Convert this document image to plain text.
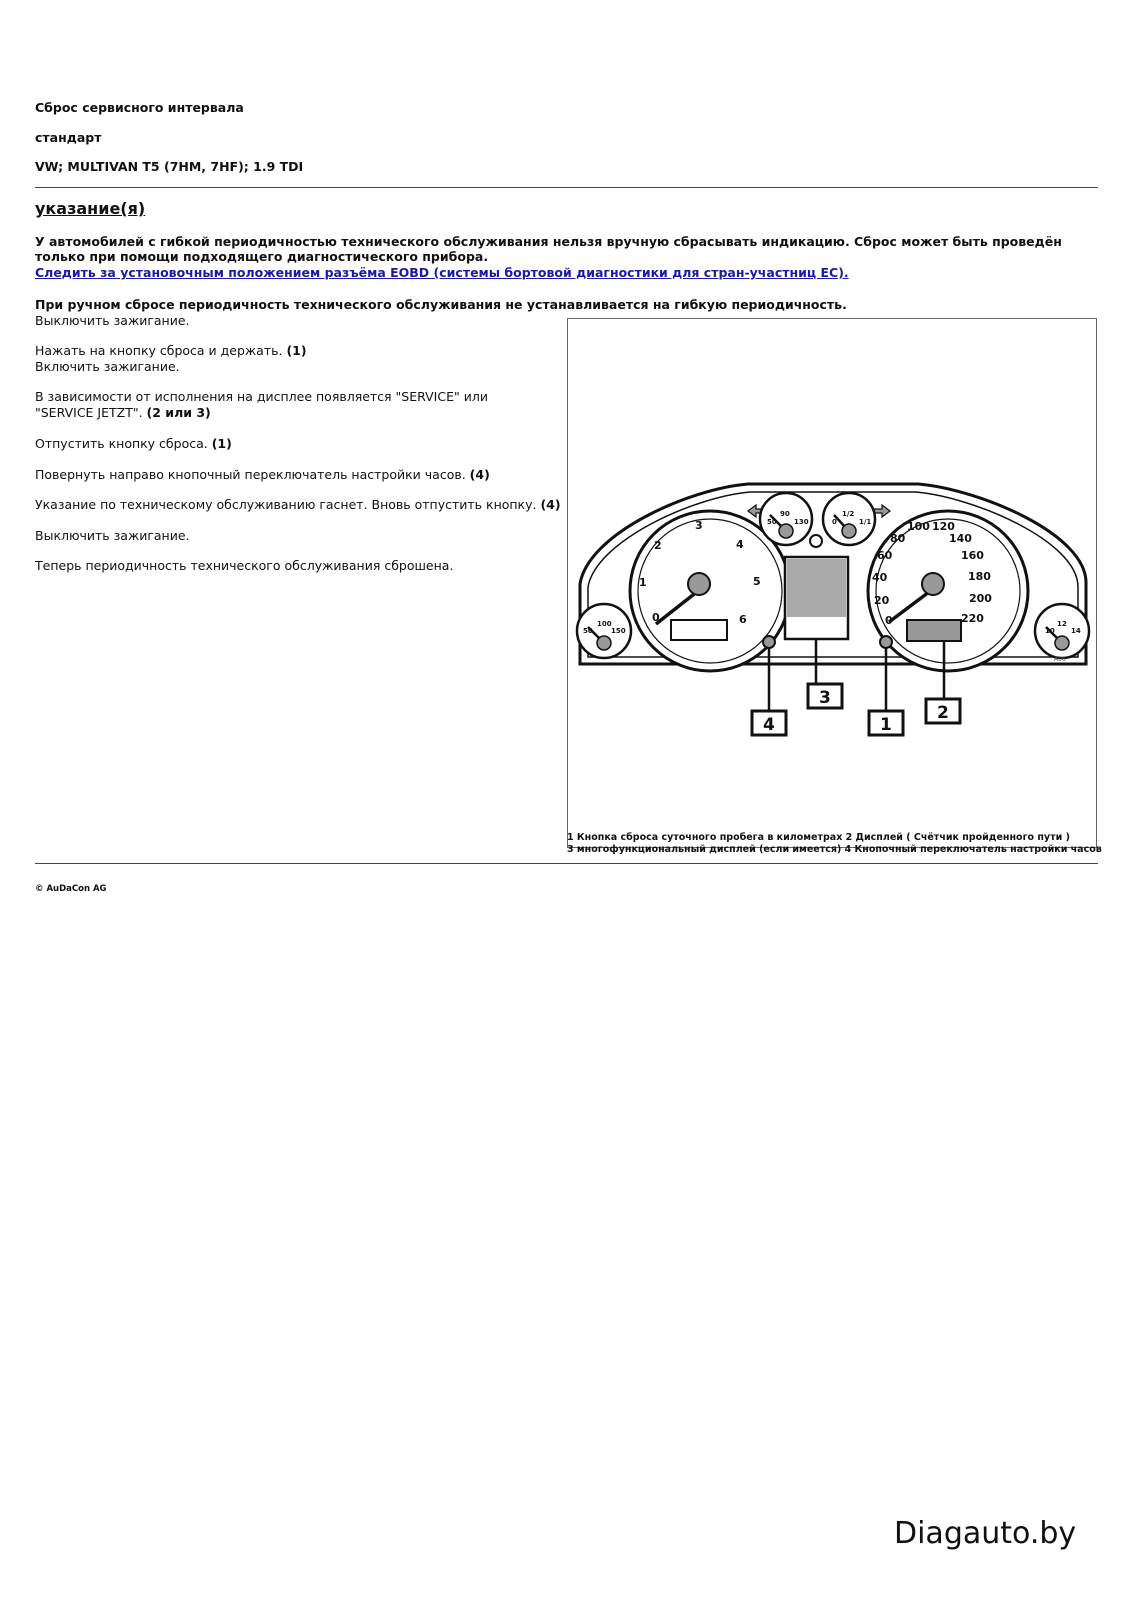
Сброс сервисного интервала
стандарт
VW; MULTIVAN T5 (7HM, 7HF); 1.9 TDI
указание(я)
У автомобилей с гибкой периодичностью технического обслуживания нельзя вручную сбрасывать индикацию. Сброс может быть проведён только при помощи подходящего диагностического прибора.
Следить за установочным положением разъёма EOBD (системы бортовой диагностики для стран-участниц ЕС).
При ручном сбросе периодичность технического обслуживания не устанавливается на гибкую периодичность.
Выключить зажигание.
Нажать на кнопку сброса и держать. (1)
Включить зажигание.
В зависимости от исполнения на дисплее появляется "SERVICE" или "SERVICE JETZT". (2 или 3)
Отпустить кнопку сброса. (1)
Повернуть направо кнопочный переключатель настройки часов. (4)
Указание по техническому обслуживанию гаснет. Вновь отпустить кнопку. (4)
Выключить зажигание.
Теперь периодичность технического обслуживания сброшена.
0
1
2
3
4
5
6	0
20
40
60
80
100 120
140
160
180
200
220
90
50 130
1/2
0	1/1
100
50	150
12
10 14
4
3
1
2
A06
1 Кнопка сброса суточного пробега в километрах 2 Дисплей ( Счётчик пройденного пути )
3 многофункциональный дисплей (если имеется) 4 Кнопочный переключатель настройки часов
© AuDaCon AG
Diagauto.by
